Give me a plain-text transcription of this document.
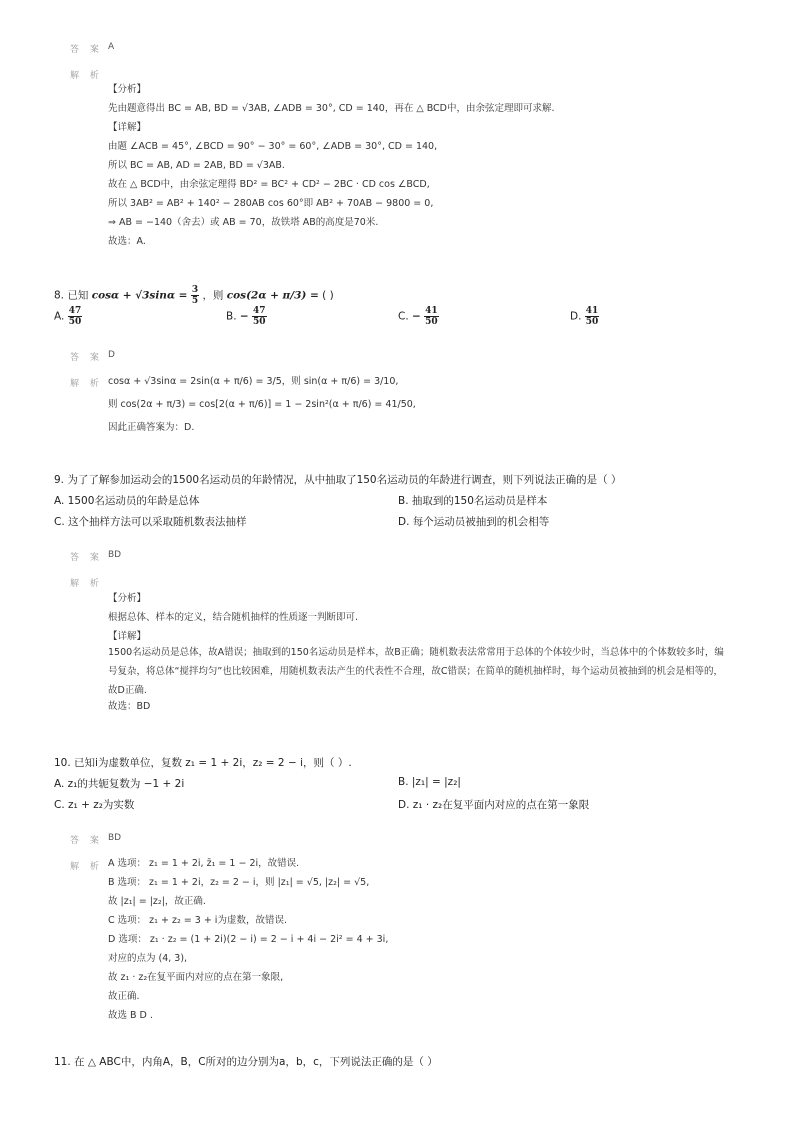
答 案 A
解 析
【分析】
先由题意得出 BC = AB, BD = √3AB, ∠ADB = 30°, CD = 140，再在 △ BCD中，由余弦定理即可求解.
【详解】
由题 ∠ACB = 45°, ∠BCD = 90° − 30° = 60°, ∠ADB = 30°, CD = 140,
所以 BC = AB, AD = 2AB, BD = √3AB.
故在 △ BCD中，由余弦定理得 BD² = BC² + CD² − 2BC · CD cos ∠BCD,
所以 3AB² = AB² + 140² − 280AB cos 60°即 AB² + 70AB − 9800 = 0,
⇒ AB = −140（舍去）或 AB = 70，故铁塔 AB的高度是70米.
故选：A.
8. 已知 $\cos\alpha + √3\sin\alpha = \frac{3}{5}$ ，则 cos(2α + π/3) = ( )
A. $\frac{47}{50}$	B. − $\frac{47}{50}$	C. − $\frac{41}{50}$	D. $\frac{41}{50}$
答 案 D
解 析 cosα + √3sinα = 2sin(α + π/6) = 3/5，则 sin(α + π/6) = 3/10,
则 cos(2α + π/3) = cos[2(α + π/6)] = 1 − 2sin²(α + π/6) = 41/50,
因此正确答案为：D.
9. 为了了解参加运动会的1500名运动员的年龄情况，从中抽取了150名运动员的年龄进行调查，则下列说法正确的是（ ）
A. 1500名运动员的年龄是总体	B. 抽取到的150名运动员是样本
C. 这个抽样方法可以采取随机数表法抽样	D. 每个运动员被抽到的机会相等
答 案 BD
解 析
【分析】
根据总体、样本的定义，结合随机抽样的性质逐一判断即可.
【详解】
1500名运动员是总体，故A错误；抽取到的150名运动员是样本，故B正确；随机数表法常常用于总体的个体较少时，当总体中的个体数较多时，编号复杂，将总体“搅拌均匀”也比较困难，用随机数表法产生的代表性不合理，故C错误；在简单的随机抽样时，每个运动员被抽到的机会是相等的，故D正确.
故选：BD
10. 已知i为虚数单位，复数 z₁ = 1 + 2i，z₂ = 2 − i，则（ ）.
A. z₁的共轭复数为 −1 + 2i	B. |z₁| = |z₂|
C. z₁ + z₂为实数	D. z₁ · z₂在复平面内对应的点在第一象限
答 案 BD
解 析 A 选项： z₁ = 1 + 2i, z̄₁ = 1 − 2i，故错误.
B 选项： z₁ = 1 + 2i，z₂ = 2 − i，则 |z₁| = √5, |z₂| = √5,
故 |z₁| = |z₂|，故正确.
C 选项： z₁ + z₂ = 3 + i为虚数，故错误.
D 选项： z₁ · z₂ = (1 + 2i)(2 − i) = 2 − i + 4i − 2i² = 4 + 3i,
对应的点为 (4, 3),
故 z₁ · z₂在复平面内对应的点在第一象限,
故正确.
故选 B D .
11. 在 △ ABC中，内角A，B，C所对的边分别为a，b，c，下列说法正确的是（ ）
